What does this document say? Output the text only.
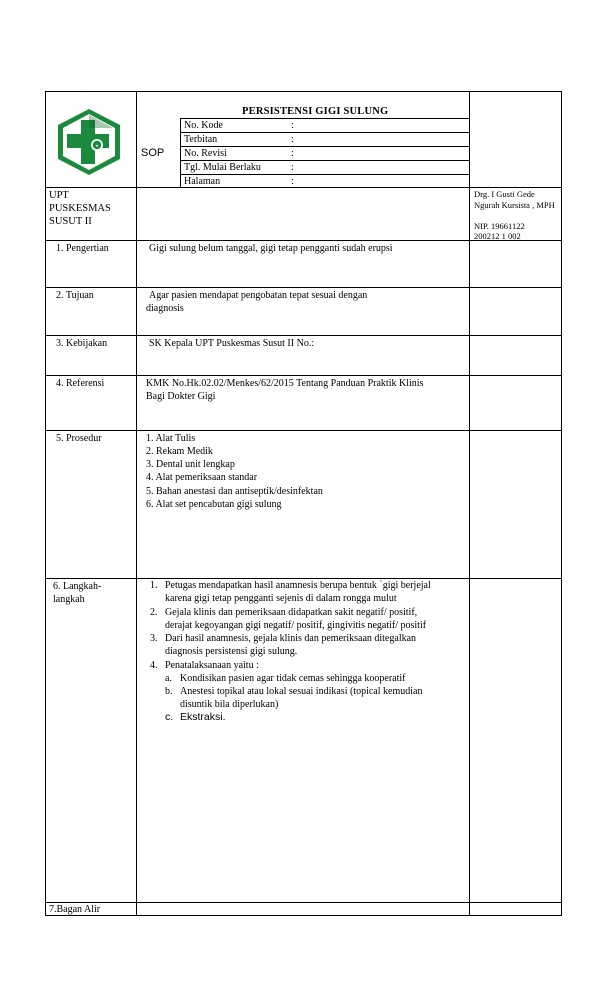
★
PERSISTENSI GIGI SULUNG
SOP
No. Kode	:
Terbitan	:
No. Revisi	:
Tgl. Mulai Berlaku	:
Halaman	:
UPT PUSKESMAS SUSUT II
Drg. I Gusti Gede Ngurah Kursista , MPH
NIP. 19661122
200212 1 002
1. Pengertian	Gigi sulung belum tanggal, gigi tetap pengganti sudah erupsi
2. Tujuan	Agar pasien mendapat pengobatan tepat sesuai dengan
diagnosis
3. Kebijakan	SK Kepala UPT Puskesmas Susut II No.:
4. Referensi	KMK No.Hk.02.02/Menkes/62/2015 Tentang Panduan Praktik Klinis
Bagi Dokter Gigi
5. Prosedur	1. Alat Tulis
2. Rekam Medik
3. Dental unit lengkap
4. Alat pemeriksaan standar
5. Bahan anestasi dan antiseptik/desinfektan
6. Alat set pencabutan gigi sulung
6. Langkah-
langkah
1. Petugas mendapatkan hasil anamnesis berupa bentuk `gigi berjejal
karena gigi tetap pengganti sejenis di dalam rongga mulut
2. Gejala klinis dan pemeriksaan didapatkan sakit negatif/ positif,
derajat kegoyangan gigi negatif/ positif, gingivitis negatif/ positif
3. Dari hasil anamnesis, gejala klinis dan pemeriksaan ditegalkan
diagnosis persistensi gigi sulung.
4. Penatalaksanaan yaitu :
a. Kondisikan pasien agar tidak cemas sehingga kooperatif
b. Anestesi topikal atau lokal sesuai indikasi (topical kemudian
disuntik bila diperlukan)
c. Ekstraksi.
7.Bagan Alir
